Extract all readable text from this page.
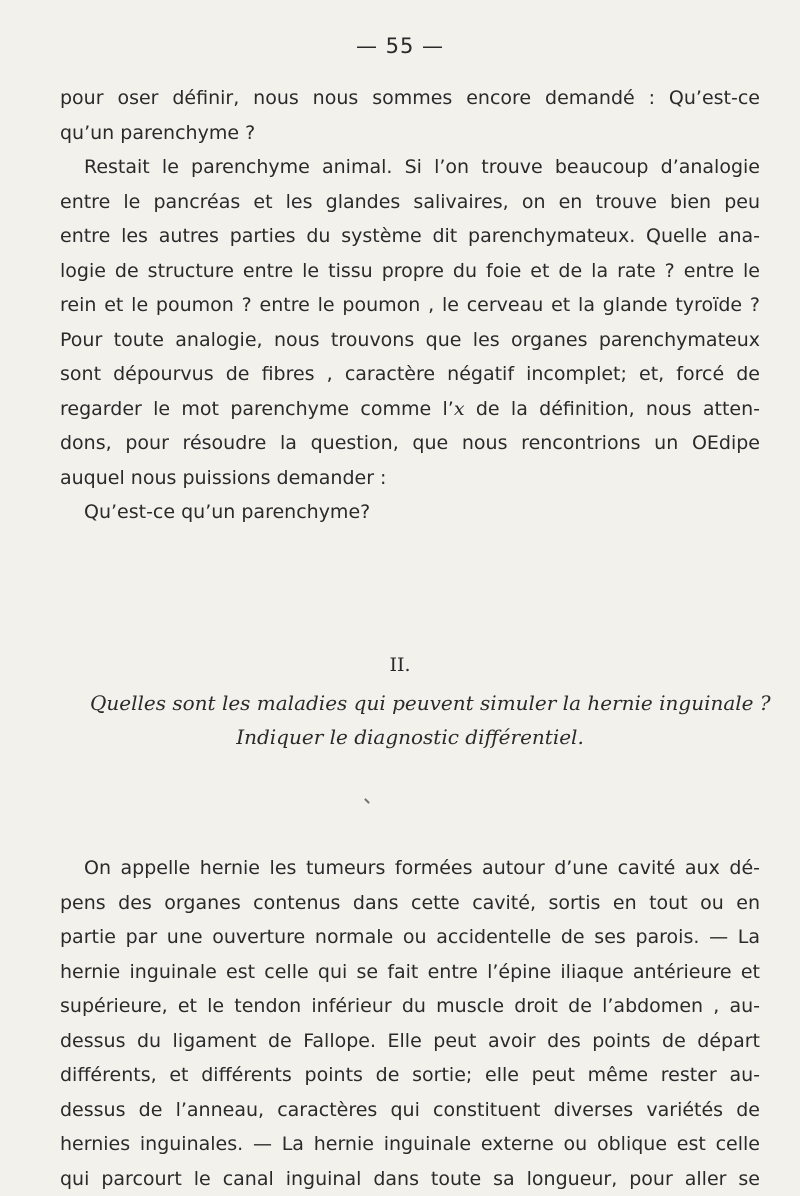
— 55 —
pour oser définir, nous nous sommes encore demandé : Qu’est-ce
qu’un parenchyme ?
Restait le parenchyme animal. Si l’on trouve beaucoup d’analogie
entre le pancréas et les glandes salivaires, on en trouve bien peu
entre les autres parties du système dit parenchymateux. Quelle ana-
logie de structure entre le tissu propre du foie et de la rate ? entre le
rein et le poumon ? entre le poumon , le cerveau et la glande tyroïde ?
Pour toute analogie, nous trouvons que les organes parenchymateux
sont dépourvus de fibres , caractère négatif incomplet; et, forcé de
regarder le mot parenchyme comme l’x de la définition, nous atten-
dons, pour résoudre la question, que nous rencontrions un OEdipe
auquel nous puissions demander :
Qu’est-ce qu’un parenchyme?
II.
Quelles sont les maladies qui peuvent simuler la hernie inguinale ?
Indiquer le diagnostic différentiel.
On appelle hernie les tumeurs formées autour d’une cavité aux dé-
pens des organes contenus dans cette cavité, sortis en tout ou en
partie par une ouverture normale ou accidentelle de ses parois. — La
hernie inguinale est celle qui se fait entre l’épine iliaque antérieure et
supérieure, et le tendon inférieur du muscle droit de l’abdomen , au-
dessus du ligament de Fallope. Elle peut avoir des points de départ
différents, et différents points de sortie; elle peut même rester au-
dessus de l’anneau, caractères qui constituent diverses variétés de
hernies inguinales. — La hernie inguinale externe ou oblique est celle
qui parcourt le canal inguinal dans toute sa longueur, pour aller se
